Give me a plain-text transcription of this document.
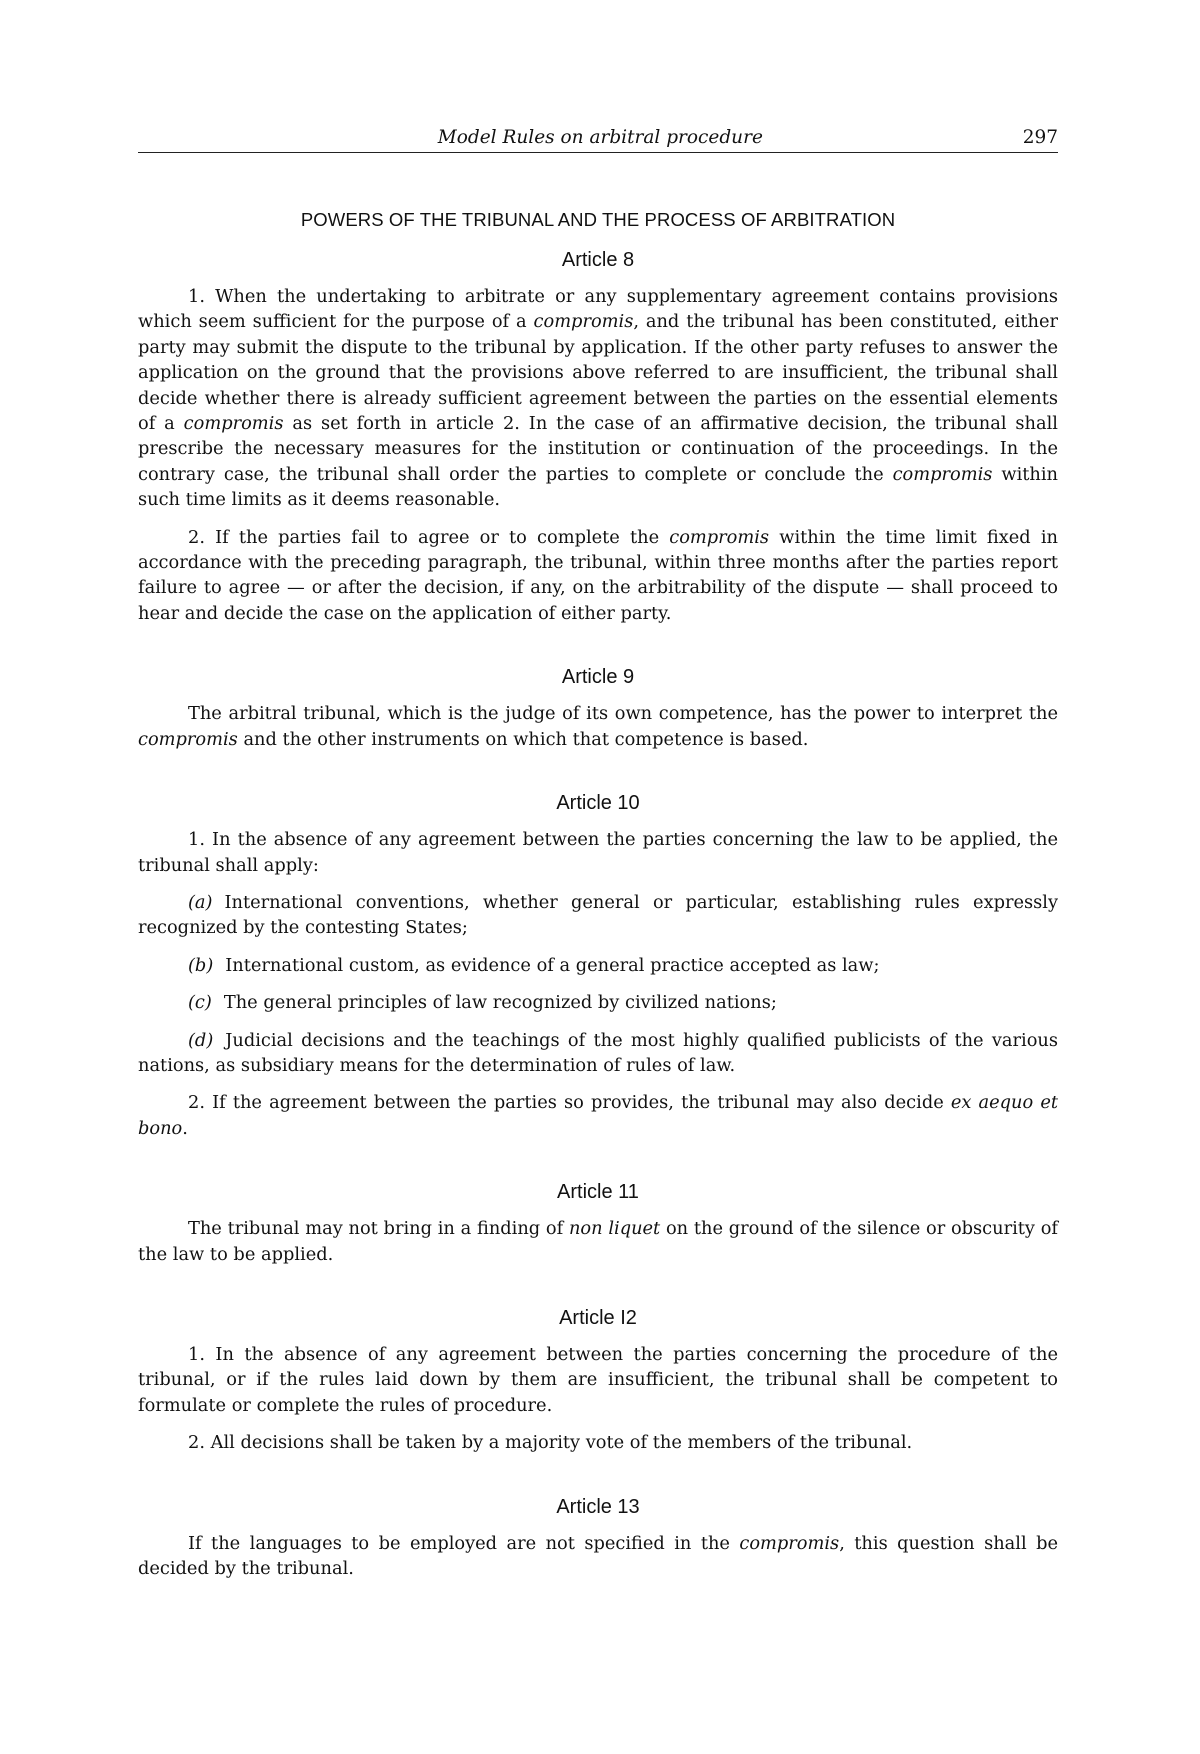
Model Rules on arbitral procedure	297
POWERS OF THE TRIBUNAL AND THE PROCESS OF ARBITRATION
Article 8

1. When the undertaking to arbitrate or any supplementary agreement contains provisions which seem sufficient for the purpose of a compromis, and the tribunal has been constituted, either party may submit the dispute to the tribunal by application. If the other party refuses to answer the application on the ground that the provisions above referred to are insufficient, the tribunal shall decide whether there is already sufficient agreement between the parties on the essential elements of a compromis as set forth in article 2. In the case of an affirmative decision, the tribunal shall prescribe the necessary measures for the institution or continuation of the proceedings. In the contrary case, the tribunal shall order the parties to complete or conclude the compromis within such time limits as it deems reasonable.

2. If the parties fail to agree or to complete the compromis within the time limit fixed in accordance with the preceding paragraph, the tribunal, within three months after the parties report failure to agree — or after the decision, if any, on the arbitrability of the dispute — shall proceed to hear and decide the case on the application of either party.

Article 9

The arbitral tribunal, which is the judge of its own competence, has the power to interpret the compromis and the other instruments on which that competence is based.

Article 10

1. In the absence of any agreement between the parties concerning the law to be applied, the tribunal shall apply:

(a) International conventions, whether general or particular, establishing rules expressly recognized by the contesting States;

(b) International custom, as evidence of a general practice accepted as law;

(c) The general principles of law recognized by civilized nations;

(d) Judicial decisions and the teachings of the most highly qualified publicists of the various nations, as subsidiary means for the determination of rules of law.

2. If the agreement between the parties so provides, the tribunal may also decide ex aequo et bono.

Article 11

The tribunal may not bring in a finding of non liquet on the ground of the silence or obscurity of the law to be applied.

Article I2

1. In the absence of any agreement between the parties concerning the procedure of the tribunal, or if the rules laid down by them are insufficient, the tribunal shall be competent to formulate or complete the rules of procedure.

2. All decisions shall be taken by a majority vote of the members of the tribunal.

Article 13

If the languages to be employed are not specified in the compromis, this question shall be decided by the tribunal.
